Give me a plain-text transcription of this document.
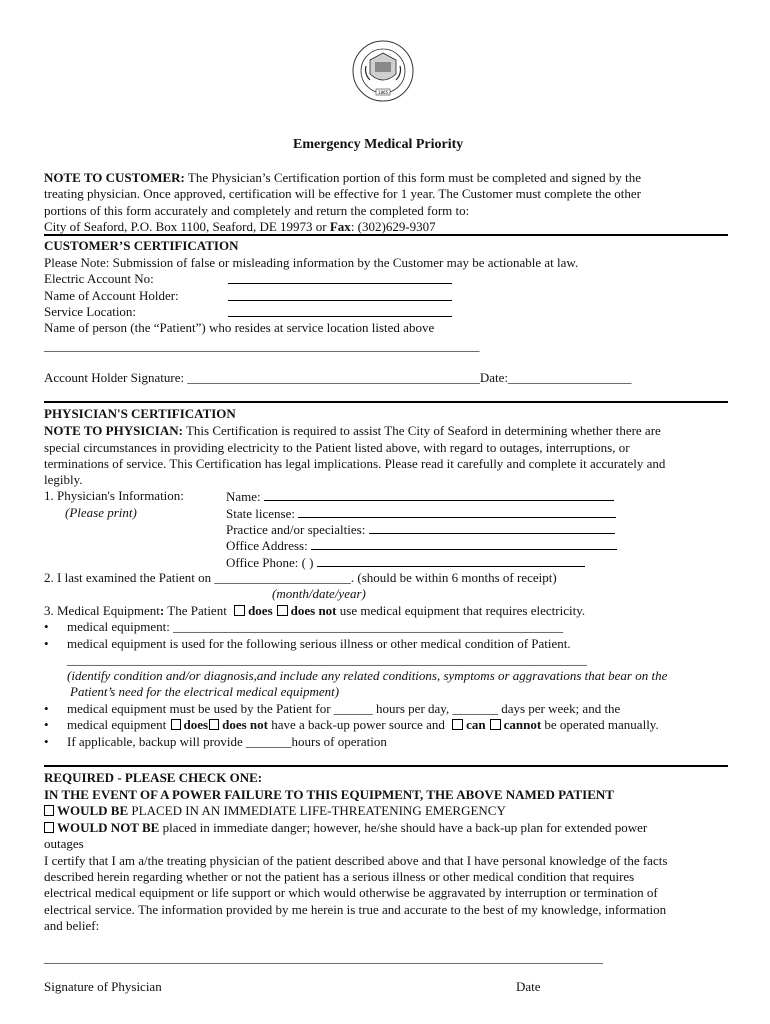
1865
Emergency Medical Priority
NOTE TO CUSTOMER: The Physician’s Certification portion of this form must be completed and signed by the
treating physician. Once approved, certification will be effective for 1 year. The Customer must complete the other
portions of this form accurately and completely and return the completed form to:
City of Seaford, P.O. Box 1100, Seaford, DE 19973 or Fax: (302)629-9307
CUSTOMER’S CERTIFICATION
Please Note: Submission of false or misleading information by the Customer may be actionable at law.
Electric Account No:
Name of Account Holder:
Service Location:
Name of person (the “Patient”) who resides at service location listed above
___________________________________________________________________
Account Holder Signature: _____________________________________________Date:___________________
PHYSICIAN'S CERTIFICATION
NOTE TO PHYSICIAN: This Certification is required to assist The City of Seaford in determining whether there are
special circumstances in providing electricity to the Patient listed above, with regard to outages, interruptions, or
terminations of service. This Certification has legal implications. Please read it carefully and complete it accurately and
legibly.
1. Physician's Information:
(Please print)
Name:
State license:
Practice and/or specialties:
Office Address:
Office Phone: ( )
2. I last examined the Patient on _____________________. (should be within 6 months of receipt)
(month/date/year)
3. Medical Equipment: The Patient does does not use medical equipment that requires electricity.
• medical equipment: ____________________________________________________________
• medical equipment is used for the following serious illness or other medical condition of Patient.
________________________________________________________________________________
(identify condition and/or diagnosis,and include any related conditions, symptoms or aggravations that bear on the
Patient’s need for the electrical medical equipment)
• medical equipment must be used by the Patient for ______ hours per day, _______ days per week; and the
• medical equipment does does not have a back-up power source and can cannot be operated manually.
• If applicable, backup will provide _______hours of operation
REQUIRED - PLEASE CHECK ONE:
IN THE EVENT OF A POWER FAILURE TO THIS EQUIPMENT, THE ABOVE NAMED PATIENT
WOULD BE PLACED IN AN IMMEDIATE LIFE-THREATENING EMERGENCY
WOULD NOT BE placed in immediate danger; however, he/she should have a back-up plan for extended power
outages
I certify that I am a/the treating physician of the patient described above and that I have personal knowledge of the facts
described herein regarding whether or not the patient has a serious illness or other medical condition that requires
electrical medical equipment or life support or which would otherwise be aggravated by interruption or termination of
electrical service. The information provided by me herein is true and accurate to the best of my knowledge, information
and belief:
______________________________________________________________________________________
Signature of Physician	Date
